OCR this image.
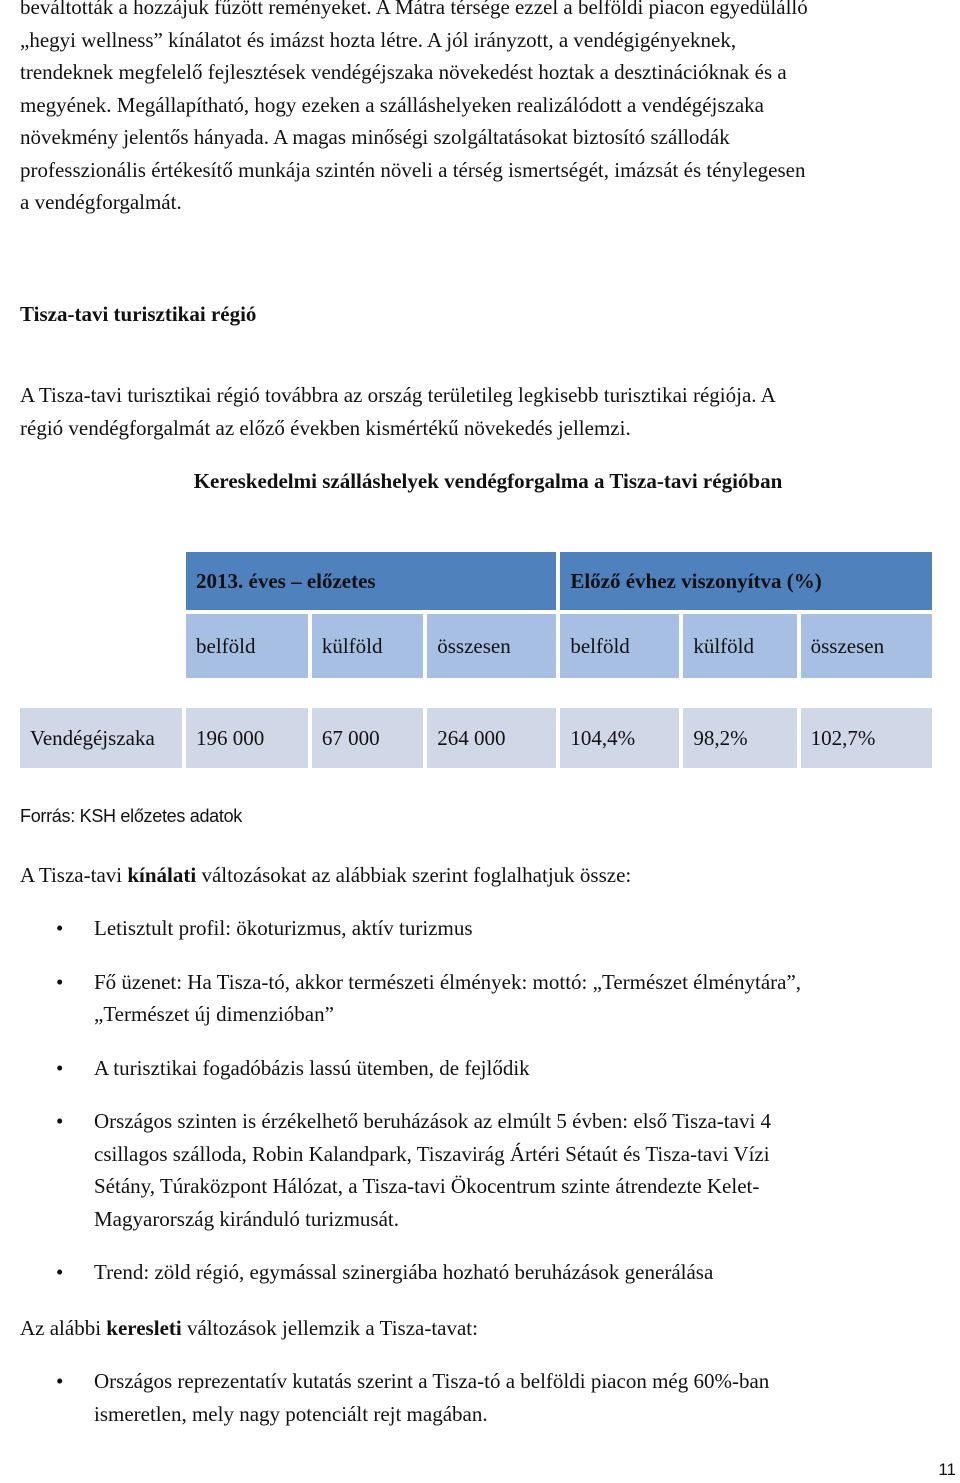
beváltották a hozzájuk fűzött reményeket. A Mátra térsége ezzel a belföldi piacon egyedülálló
„hegyi wellness” kínálatot és imázst hozta létre. A jól irányzott, a vendégigényeknek,
trendeknek megfelelő fejlesztések vendégéjszaka növekedést hoztak a desztinációknak és a
megyének. Megállapítható, hogy ezeken a szálláshelyeken realizálódott a vendégéjszaka
növekmény jelentős hányada. A magas minőségi szolgáltatásokat biztosító szállodák
professzionális értékesítő munkája szintén növeli a térség ismertségét, imázsát és ténylegesen
a vendégforgalmát.
Tisza-tavi turisztikai régió
A Tisza-tavi turisztikai régió továbbra az ország területileg legkisebb turisztikai régiója. A
régió vendégforgalmát az előző években kismértékű növekedés jellemzi.
Kereskedelmi szálláshelyek vendégforgalma a Tisza-tavi régióban
	2013. éves – előzetes			Előző évhez viszonyítva (%)		

	belföld	külföld	összesen	belföld	külföld	összesen

Vendégéjszaka	196 000	67 000	264 000	104,4%	98,2%	102,7%
Forrás: KSH előzetes adatok
A Tisza-tavi kínálati változásokat az alábbiak szerint foglalhatjuk össze:
• Letisztult profil: ökoturizmus, aktív turizmus
• Fő üzenet: Ha Tisza-tó, akkor természeti élmények: mottó: „Természet élménytára”,
„Természet új dimenzióban”
• A turisztikai fogadóbázis lassú ütemben, de fejlődik
• Országos szinten is érzékelhető beruházások az elmúlt 5 évben: első Tisza-tavi 4
csillagos szálloda, Robin Kalandpark, Tiszavirág Ártéri Sétaút és Tisza-tavi Vízi
Sétány, Túraközpont Hálózat, a Tisza-tavi Ökocentrum szinte átrendezte Kelet-
Magyarország kiránduló turizmusát.
• Trend: zöld régió, egymással szinergiába hozható beruházások generálása
Az alábbi keresleti változások jellemzik a Tisza-tavat:
• Országos reprezentatív kutatás szerint a Tisza-tó a belföldi piacon még 60%-ban
ismeretlen, mely nagy potenciált rejt magában.
11
